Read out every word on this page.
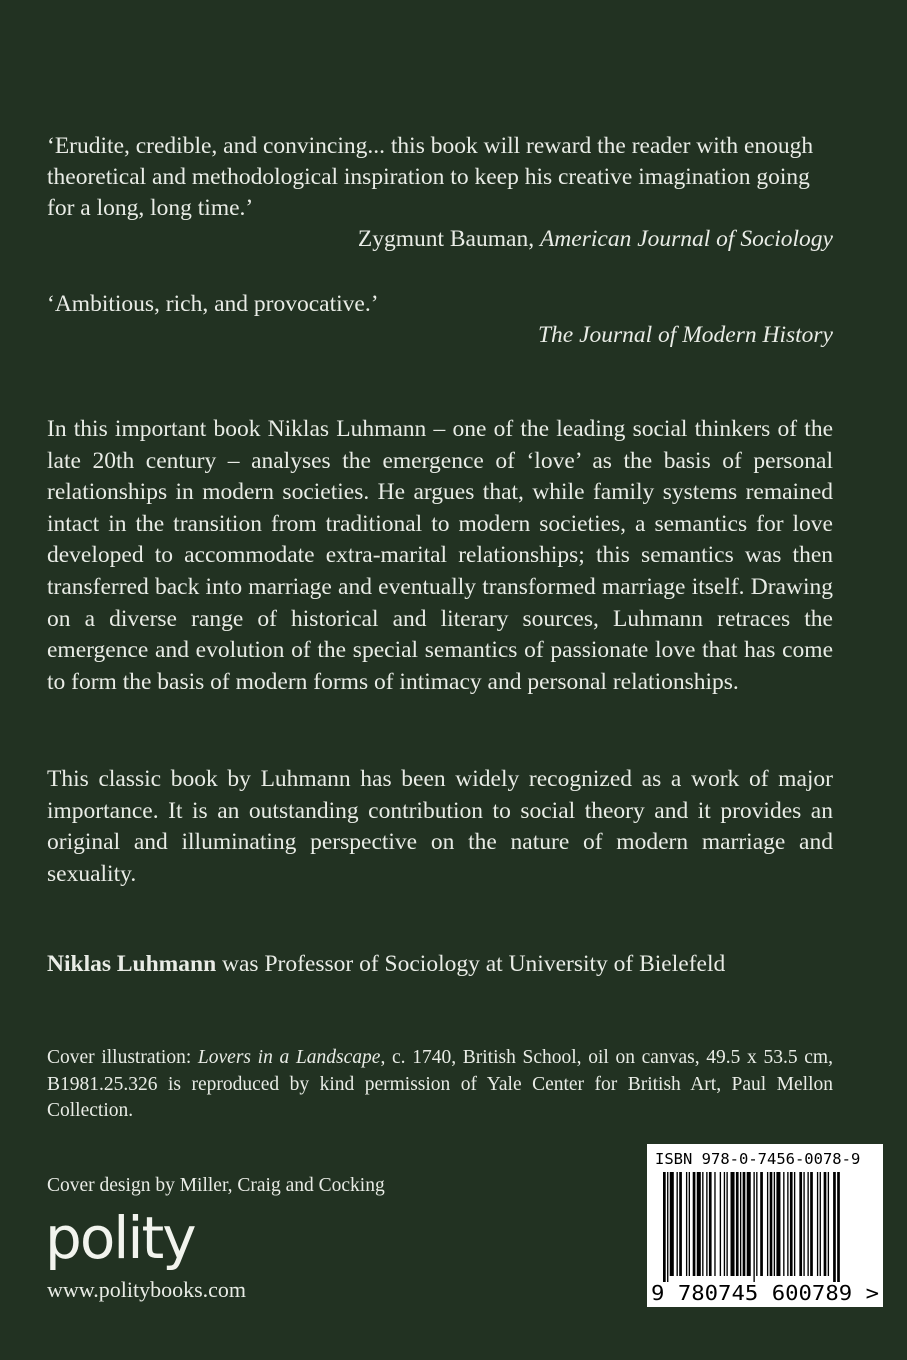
‘Erudite, credible, and convincing... this book will reward the reader with enough theoretical and methodological inspiration to keep his creative imagination going for a long, long time.’
Zygmunt Bauman, American Journal of Sociology
‘Ambitious, rich, and provocative.’
The Journal of Modern History

In this important book Niklas Luhmann – one of the leading social thinkers of the late 20th century – analyses the emergence of ‘love’ as the basis of personal relationships in modern societies. He argues that, while family systems remained intact in the transition from traditional to modern societies, a semantics for love developed to accommodate extra-marital relationships; this semantics was then transferred back into marriage and eventually transformed marriage itself. Drawing on a diverse range of historical and literary sources, Luhmann retraces the emergence and evolution of the special semantics of passionate love that has come to form the basis of modern forms of intimacy and personal relationships.

This classic book by Luhmann has been widely recognized as a work of major importance. It is an outstanding contribution to social theory and it provides an original and illuminating perspective on the nature of modern marriage and sexuality.

Niklas Luhmann was Professor of Sociology at University of Bielefeld

Cover illustration: Lovers in a Landscape, c. 1740, British School, oil on canvas, 49.5 x 53.5 cm, B1981.25.326 is reproduced by kind permission of Yale Center for British Art, Paul Mellon Collection.

Cover design by Miller, Craig and Cocking
polity
www.politybooks.com
ISBN 978-0-7456-0078-9
9 780745 600789 >
